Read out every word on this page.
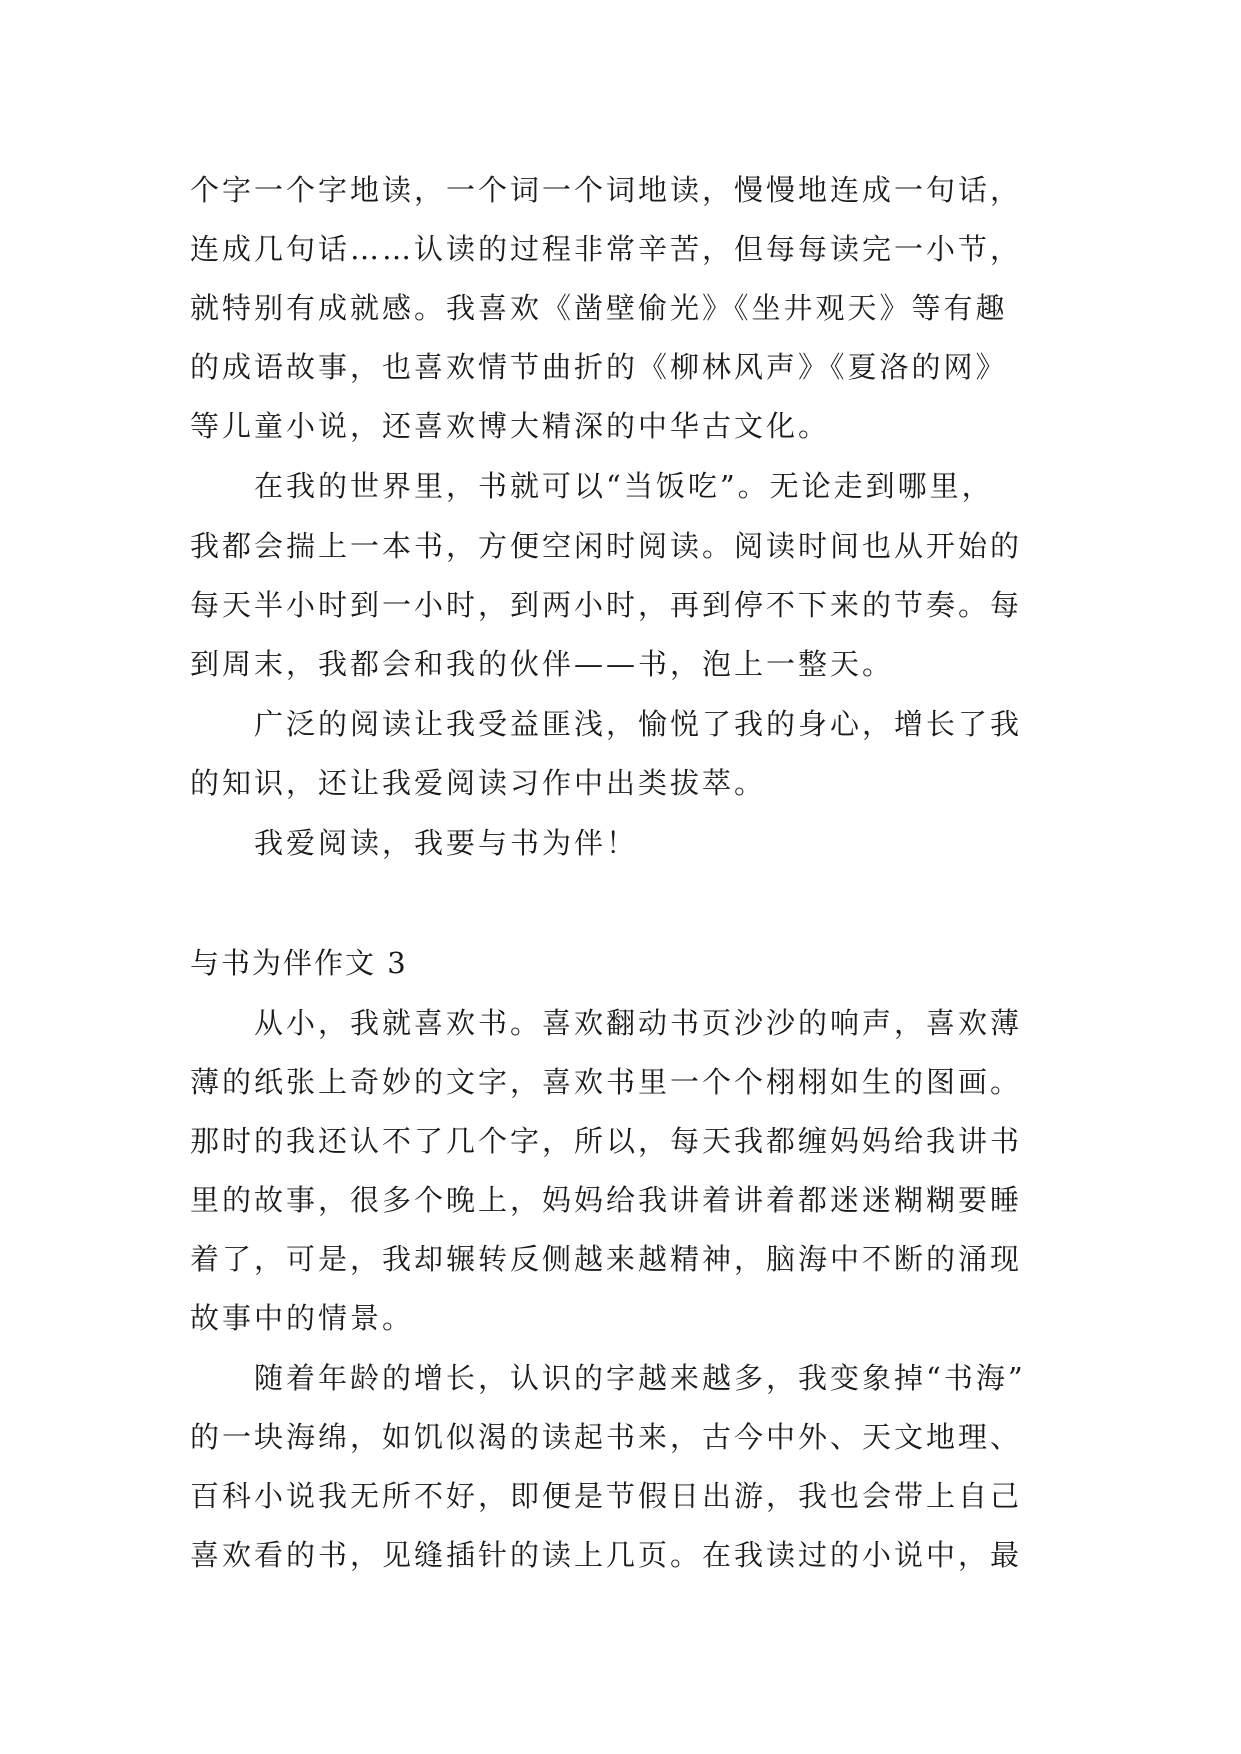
个字一个字地读，一个词一个词地读，慢慢地连成一句话，
连成几句话……认读的过程非常辛苦，但每每读完一小节，
就特别有成就感。我喜欢《凿壁偷光》《坐井观天》等有趣
的成语故事，也喜欢情节曲折的《柳林风声》《夏洛的网》
等儿童小说，还喜欢博大精深的中华古文化。
在我的世界里，书就可以“当饭吃”。无论走到哪里，
我都会揣上一本书，方便空闲时阅读。阅读时间也从开始的
每天半小时到一小时，到两小时，再到停不下来的节奏。每
到周末，我都会和我的伙伴——书，泡上一整天。
广泛的阅读让我受益匪浅，愉悦了我的身心，增长了我
的知识，还让我爱阅读习作中出类拔萃。
我爱阅读，我要与书为伴！
与书为伴作文 3
从小，我就喜欢书。喜欢翻动书页沙沙的响声，喜欢薄
薄的纸张上奇妙的文字，喜欢书里一个个栩栩如生的图画。
那时的我还认不了几个字，所以，每天我都缠妈妈给我讲书
里的故事，很多个晚上，妈妈给我讲着讲着都迷迷糊糊要睡
着了，可是，我却辗转反侧越来越精神，脑海中不断的涌现
故事中的情景。
随着年龄的增长，认识的字越来越多，我变象掉“书海”
的一块海绵，如饥似渴的读起书来，古今中外、天文地理、
百科小说我无所不好，即便是节假日出游，我也会带上自己
喜欢看的书，见缝插针的读上几页。在我读过的小说中，最
